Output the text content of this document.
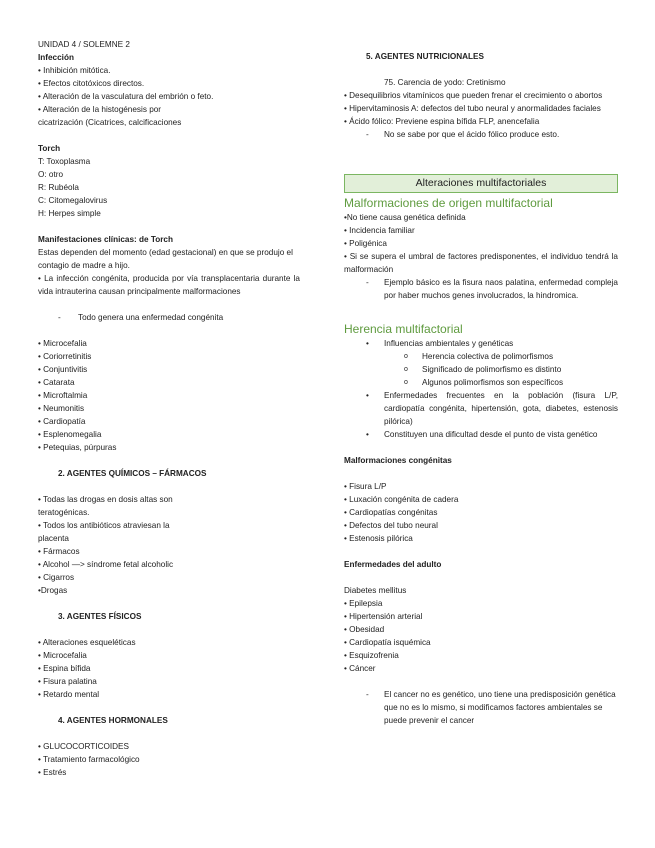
UNIDAD 4 / SOLEMNE 2

Infección

• Inhibición mitótica.

• Efectos citotóxicos directos.

• Alteración de la vasculatura del embrión o feto.

• Alteración de la histogénesis por

cicatrización (Cicatrices, calcificaciones

Torch

T: Toxoplasma

O: otro

R: Rubéola

C: Citomegalovirus

H: Herpes simple

Manifestaciones clínicas: de Torch

Estas dependen del momento (edad gestacional) en que se produjo el contagio de madre a hijo.

• La infección congénita, producida por vía transplacentaria durante la vida intrauterina causan principalmente malformaciones

- Todo genera una enfermedad congénita

• Microcefalia

• Coriorretinitis

• Conjuntivitis

• Catarata

• Microftalmia

• Neumonitis

• Cardiopatía

• Esplenomegalia

• Petequias, púrpuras

2. AGENTES QUÍMICOS – FÁRMACOS

• Todas las drogas en dosis altas son

teratogénicas.

• Todos los antibióticos atraviesan la

placenta

• Fármacos

• Alcohol —> síndrome fetal alcoholic

• Cigarros

•Drogas

3. AGENTES FÍSICOS

• Alteraciones esqueléticas

• Microcefalia

• Espina bífida

• Fisura palatina

• Retardo mental

4. AGENTES HORMONALES

• GLUCOCORTICOIDES

• Tratamiento farmacológico

• Estrés

5. AGENTES NUTRICIONALES

75. Carencia de yodo: Cretinismo

• Desequilibrios vitamínicos que pueden frenar el crecimiento o abortos

• Hipervitaminosis A: defectos del tubo neural y anormalidades faciales

• Ácido fólico: Previene espina bífida FLP, anencefalia

- No se sabe por que el ácido fólico produce esto.

Alteraciones multifactoriales

Malformaciones de origen multifactorial

•No tiene causa genética definida

• Incidencia familiar

• Poligénica

• Si se supera el umbral de factores predisponentes, el individuo tendrá la

malformación

- Ejemplo básico es la fisura naos palatina, enfermedad compleja por haber muchos genes involucrados, la hindromica.

Herencia multifactorial

• Influencias ambientales y genéticas

o Herencia colectiva de polimorfismos

o Significado de polimorfismo es distinto

o Algunos polimorfismos son específicos

• Enfermedades frecuentes en la población (fisura L/P, cardiopatía congénita, hipertensión, gota, diabetes, estenosis pilórica)

• Constituyen una dificultad desde el punto de vista genético

Malformaciones congénitas

• Fisura L/P

• Luxación congénita de cadera

• Cardiopatías congénitas

• Defectos del tubo neural

• Estenosis pilórica

Enfermedades del adulto

Diabetes mellitus

• Epilepsia

• Hipertensión arterial

• Obesidad

• Cardiopatía isquémica

• Esquizofrenia

• Cáncer

- El cancer no es genético, uno tiene una predisposición genética que no es lo mismo, si modificamos factores ambientales se puede prevenir el cancer
